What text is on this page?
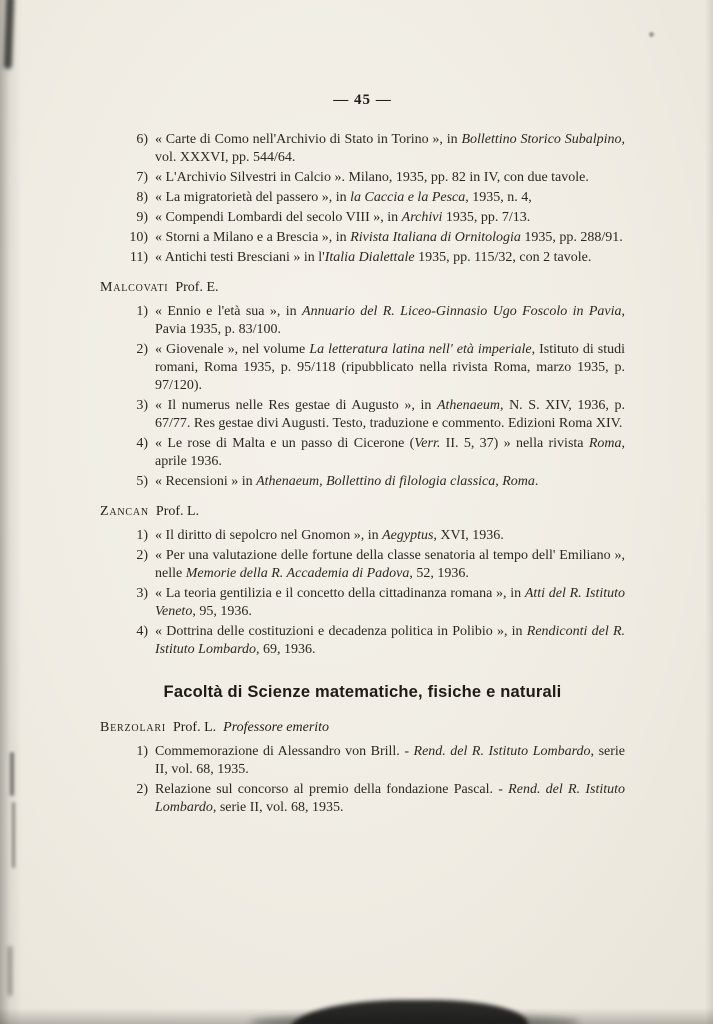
— 45 —
6) « Carte di Como nell'Archivio di Stato in Torino », in Bollettino Storico Subalpino, vol. XXXVI, pp. 544/64.
7) « L'Archivio Silvestri in Calcio ». Milano, 1935, pp. 82 in IV, con due tavole.
8) « La migratorietà del passero », in la Caccia e la Pesca, 1935, n. 4,
9) « Compendi Lombardi del secolo VIII », in Archivi 1935, pp. 7/13.
10) « Storni a Milano e a Brescia », in Rivista Italiana di Ornitologia 1935, pp. 288/91.
11) « Antichi testi Bresciani » in l'Italia Dialettale 1935, pp. 115/32, con 2 tavole.
Malcovati Prof. E.
1) « Ennio e l'età sua », in Annuario del R. Liceo-Ginnasio Ugo Foscolo in Pavia, Pavia 1935, p. 83/100.
2) « Giovenale », nel volume La letteratura latina nell' età imperiale, Istituto di studi romani, Roma 1935, p. 95/118 (ripubblicato nella rivista Roma, marzo 1935, p. 97/120).
3) « Il numerus nelle Res gestae di Augusto », in Athenaeum, N. S. XIV, 1936, p. 67/77. Res gestae divi Augusti. Testo, traduzione e commento. Edizioni Roma XIV.
4) « Le rose di Malta e un passo di Cicerone (Verr. II. 5, 37) » nella rivista Roma, aprile 1936.
5) « Recensioni » in Athenaeum, Bollettino di filologia classica, Roma.
Zancan Prof. L.
1) « Il diritto di sepolcro nel Gnomon », in Aegyptus, XVI, 1936.
2) « Per una valutazione delle fortune della classe senatoria al tempo dell' Emiliano », nelle Memorie della R. Accademia di Padova, 52, 1936.
3) « La teoria gentilizia e il concetto della cittadinanza romana », in Atti del R. Istituto Veneto, 95, 1936.
4) « Dottrina delle costituzioni e decadenza politica in Polibio », in Rendiconti del R. Istituto Lombardo, 69, 1936.
Facoltà di Scienze matematiche, fisiche e naturali
Berzolari Prof. L. Professore emerito
1) Commemorazione di Alessandro von Brill. - Rend. del R. Istituto Lombardo, serie II, vol. 68, 1935.
2) Relazione sul concorso al premio della fondazione Pascal. - Rend. del R. Istituto Lombardo, serie II, vol. 68, 1935.
